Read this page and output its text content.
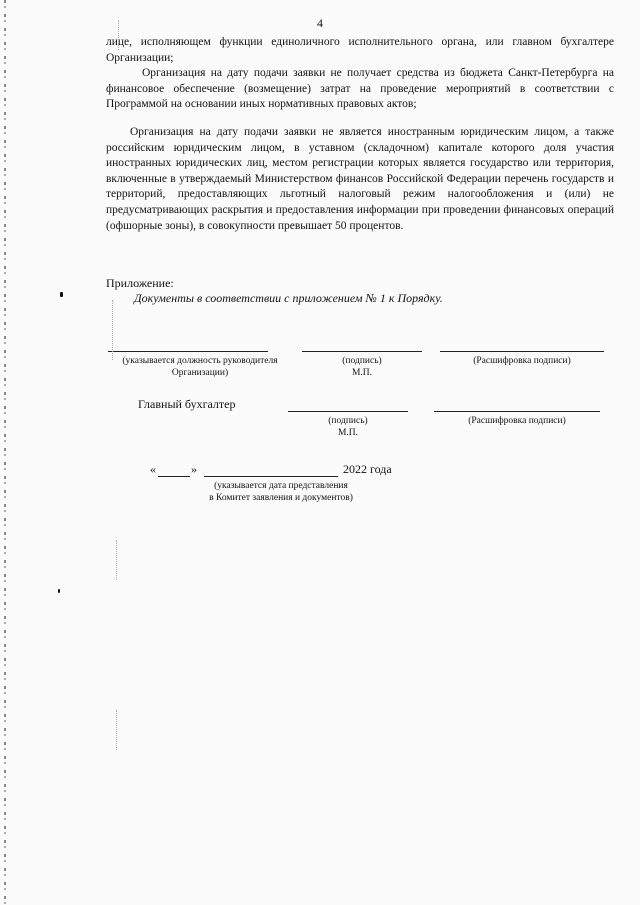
4

лице, исполняющем функции единоличного исполнительного органа, или главном бухгалтере Организации;

Организация на дату подачи заявки не получает средства из бюджета Санкт-Петербурга на финансовое обеспечение (возмещение) затрат на проведение мероприятий в соответствии с Программой на основании иных нормативных правовых актов;

Организация на дату подачи заявки не является иностранным юридическим лицом, а также российским юридическим лицом, в уставном (складочном) капитале которого доля участия иностранных юридических лиц, местом регистрации которых является государство или территория, включенные в утверждаемый Министерством финансов Российской Федерации перечень государств и территорий, предоставляющих льготный налоговый режим налогообложения и (или) не предусматривающих раскрытия и предоставления информации при проведении финансовых операций (офшорные зоны), в совокупности превышает 50 процентов.

Приложение:
Документы в соответствии с приложением № 1 к Порядку.
(указывается должность руководителя Организации)
(подпись)
М.П.
(Расшифровка подписи)
Главный бухгалтер
(подпись)
М.П.
(Расшифровка подписи)
«	»	2022 года
(указывается дата представления
в Комитет заявления и документов)
